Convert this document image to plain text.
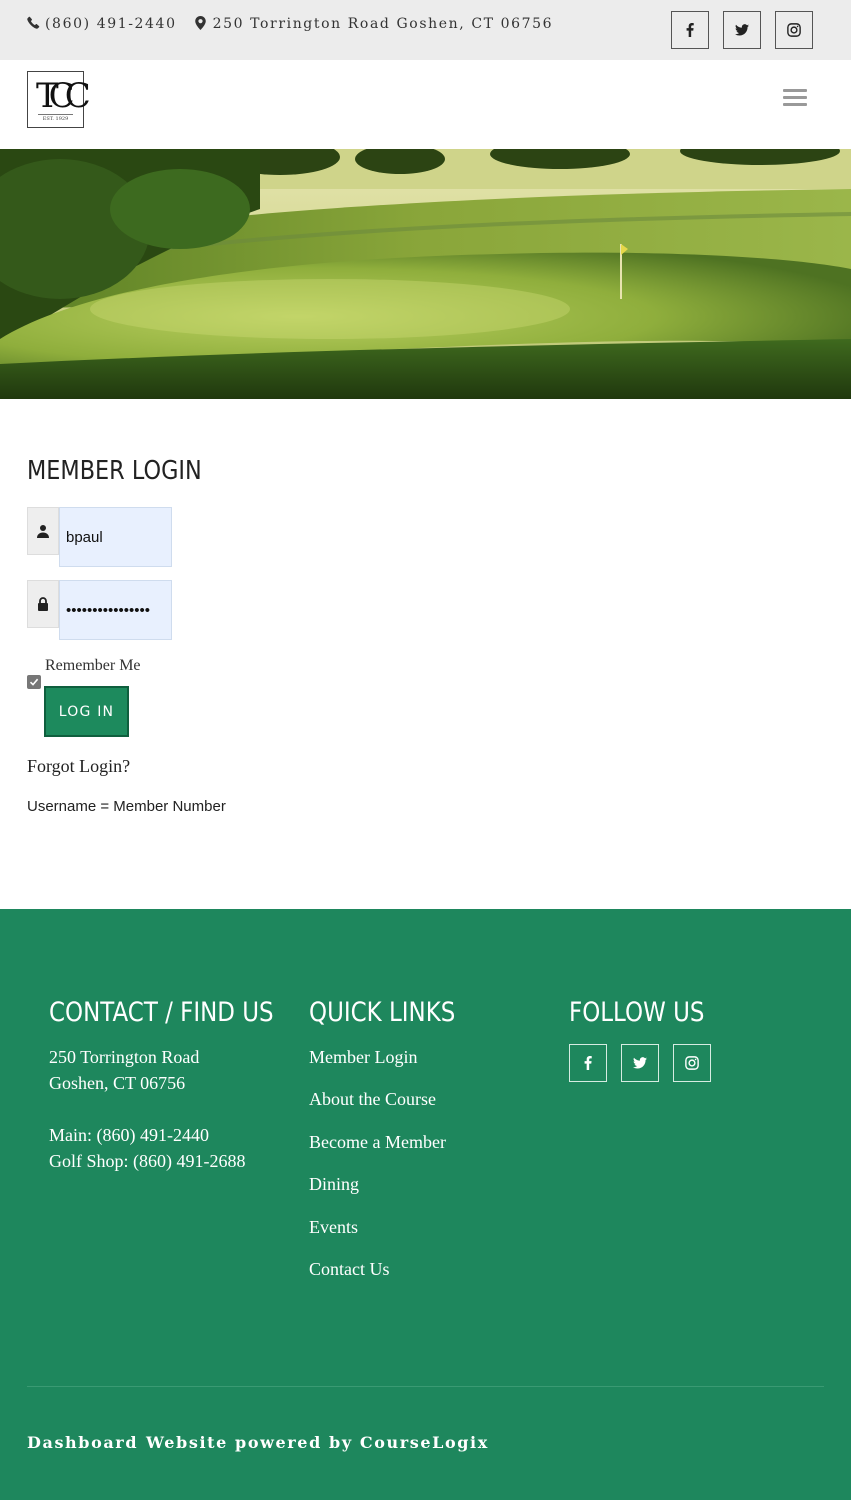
(860) 491-2440	250 Torrington Road Goshen, CT 06756
TCC
EST. 1929
MEMBER LOGIN
bpaul
••••••••••••••••
Remember Me
LOG IN
Forgot Login?
Username = Member Number
CONTACT / FIND US
250 Torrington Road
Goshen, CT 06756
Main: (860) 491-2440
Golf Shop: (860) 491-2688
QUICK LINKS
Member Login
About the Course
Become a Member
Dining
Events
Contact Us
FOLLOW US
Dashboard Website powered by CourseLogix
